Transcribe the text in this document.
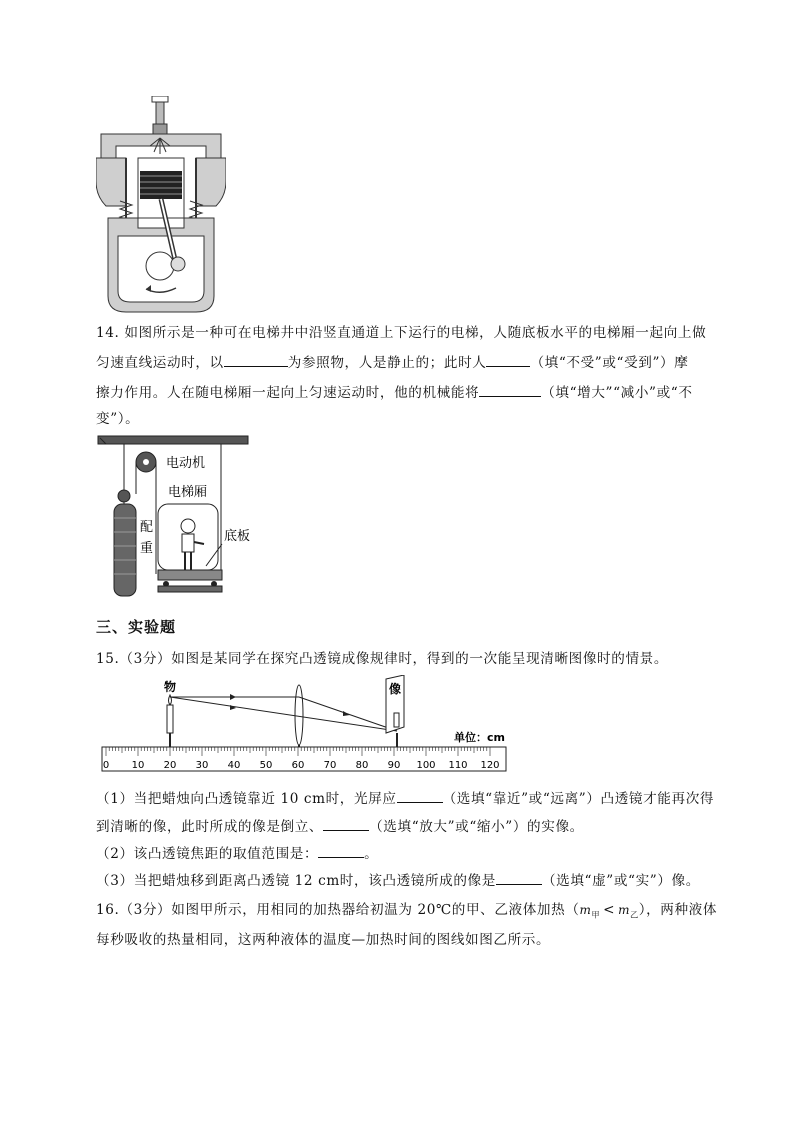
14. 如图所示是一种可在电梯井中沿竖直通道上下运行的电梯，人随底板水平的电梯厢一起向上做
匀速直线运动时，以	为参照物，人是静止的；此时人	（填“不受”或“受到”）摩
擦力作用。人在随电梯厢一起向上匀速运动时，他的机械能将	（填“增大”“减小”或“不
变”）。
电动机
配
重
电梯厢
底板
三、实验题
15.（3分）如图是某同学在探究凸透镜成像规律时，得到的一次能呈现清晰图像时的情景。
物	像
单位：cm
0 10 20 30 40 50 60 70 80 90 100 110 120
（1）当把蜡烛向凸透镜靠近 10 cm时，光屏应	（选填“靠近”或“远离”）凸透镜才能再次得
到清晰的像，此时所成的像是倒立、	（选填“放大”或“缩小”）的实像。
（2）该凸透镜焦距的取值范围是：	。
（3）当把蜡烛移到距离凸透镜 12 cm时，该凸透镜所成的像是	（选填“虚”或“实”）像。
16.（3分）如图甲所示，用相同的加热器给初温为 20℃的甲、乙液体加热$(m_甲 < m_乙)$，两种液体
每秒吸收的热量相同，这两种液体的温度—加热时间的图线如图乙所示。
